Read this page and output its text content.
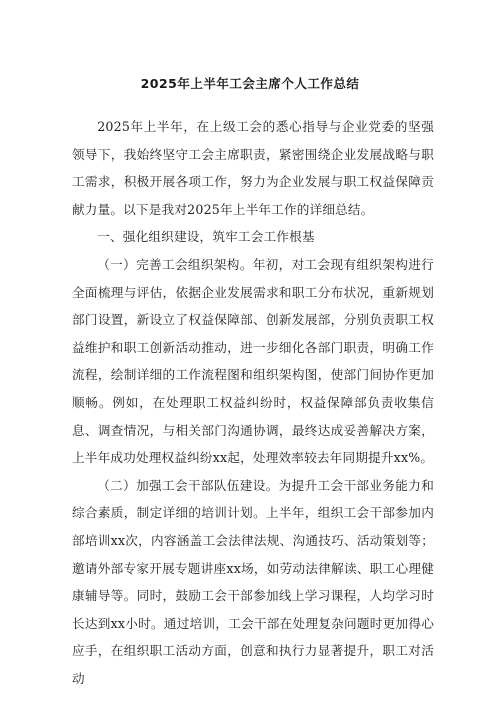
2025年上半年工会主席个人工作总结

2025年上半年，在上级工会的悉心指导与企业党委的坚强领导下，我始终坚守工会主席职责，紧密围绕企业发展战略与职工需求，积极开展各项工作，努力为企业发展与职工权益保障贡献力量。以下是我对2025年上半年工作的详细总结。

一、强化组织建设，筑牢工会工作根基

（一）完善工会组织架构。年初，对工会现有组织架构进行全面梳理与评估，依据企业发展需求和职工分布状况，重新规划部门设置，新设立了权益保障部、创新发展部，分别负责职工权益维护和职工创新活动推动，进一步细化各部门职责，明确工作流程，绘制详细的工作流程图和组织架构图，使部门间协作更加顺畅。例如，在处理职工权益纠纷时，权益保障部负责收集信息、调查情况，与相关部门沟通协调，最终达成妥善解决方案，上半年成功处理权益纠纷xx起，处理效率较去年同期提升xx%。

（二）加强工会干部队伍建设。为提升工会干部业务能力和综合素质，制定详细的培训计划。上半年，组织工会干部参加内部培训xx次，内容涵盖工会法律法规、沟通技巧、活动策划等；邀请外部专家开展专题讲座xx场，如劳动法律解读、职工心理健康辅导等。同时，鼓励工会干部参加线上学习课程，人均学习时长达到xx小时。通过培训，工会干部在处理复杂问题时更加得心应手，在组织职工活动方面，创意和执行力显著提升，职工对活动
